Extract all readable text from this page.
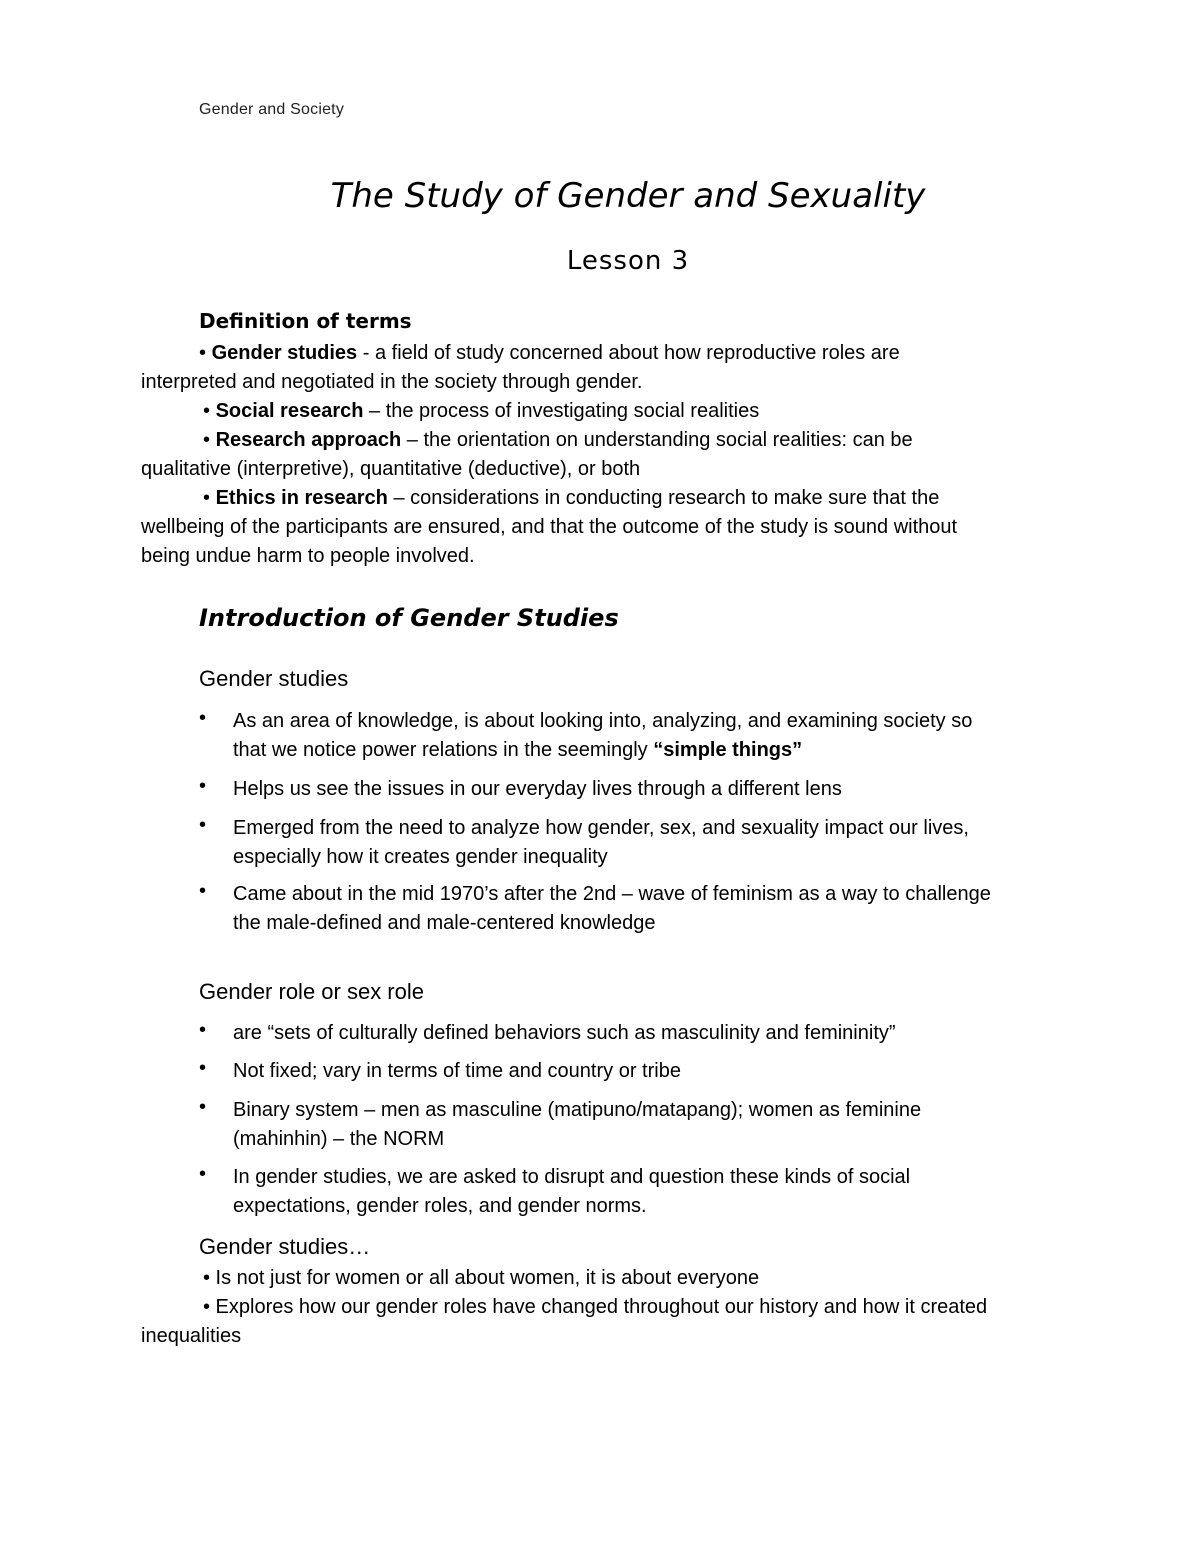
Gender and Society
The Study of Gender and Sexuality
Lesson 3
Definition of terms
• Gender studies - a field of study concerned about how reproductive roles are
interpreted and negotiated in the society through gender.
• Social research – the process of investigating social realities
• Research approach – the orientation on understanding social realities: can be
qualitative (interpretive), quantitative (deductive), or both
• Ethics in research – considerations in conducting research to make sure that the
wellbeing of the participants are ensured, and that the outcome of the study is sound without
being undue harm to people involved.
Introduction of Gender Studies
Gender studies
• As an area of knowledge, is about looking into, analyzing, and examining society so
that we notice power relations in the seemingly “simple things”
• Helps us see the issues in our everyday lives through a different lens
• Emerged from the need to analyze how gender, sex, and sexuality impact our lives,
especially how it creates gender inequality
• Came about in the mid 1970’s after the 2nd – wave of feminism as a way to challenge
the male-defined and male-centered knowledge
Gender role or sex role
• are “sets of culturally defined behaviors such as masculinity and femininity”
• Not fixed; vary in terms of time and country or tribe
• Binary system – men as masculine (matipuno/matapang); women as feminine
(mahinhin) – the NORM
• In gender studies, we are asked to disrupt and question these kinds of social
expectations, gender roles, and gender norms.
Gender studies…
• Is not just for women or all about women, it is about everyone
• Explores how our gender roles have changed throughout our history and how it created
inequalities
